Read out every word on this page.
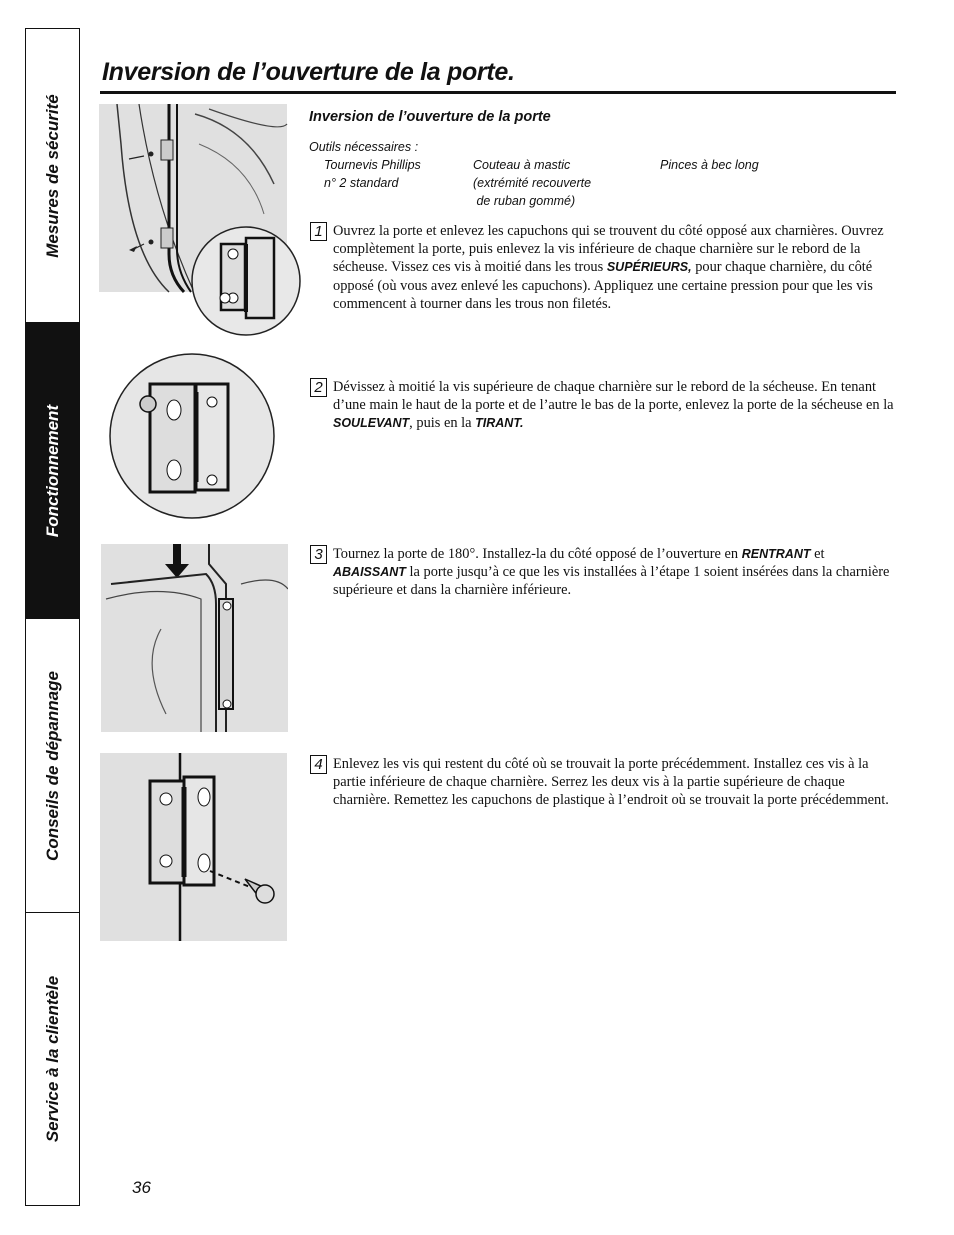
Mesures de sécurité
Fonctionnement
Conseils de dépannage
Service à la clientèle
Inversion de l’ouverture de la porte.
Inversion de l’ouverture de la porte
Outils nécessaires :
Tournevis Phillips
n° 2 standard
Couteau à mastic
(extrémité recouverte
de ruban gommé)
Pinces à bec long
1 Ouvrez la porte et enlevez les capuchons qui se trouvent du côté opposé aux charnières. Ouvrez complètement la porte, puis enlevez la vis inférieure de chaque charnière sur le rebord de la sécheuse. Vissez ces vis à moitié dans les trous SUPÉRIEURS, pour chaque charnière, du côté opposé (où vous avez enlevé les capuchons). Appliquez une certaine pression pour que les vis commencent à tourner dans les trous non filetés.

2 Dévissez à moitié la vis supérieure de chaque charnière sur le rebord de la sécheuse. En tenant d’une main le haut de la porte et de l’autre le bas de la porte, enlevez la porte de la sécheuse en la SOULEVANT, puis en la TIRANT.

3 Tournez la porte de 180°. Installez-la du côté opposé de l’ouverture en RENTRANT et ABAISSANT la porte jusqu’à ce que les vis installées à l’étape 1 soient insérées dans la charnière supérieure et dans la charnière inférieure.

4 Enlevez les vis qui restent du côté où se trouvait la porte précédemment. Installez ces vis à la partie inférieure de chaque charnière. Serrez les deux vis à la partie supérieure de chaque charnière. Remettez les capuchons de plastique à l’endroit où se trouvait la porte précédemment.

36
